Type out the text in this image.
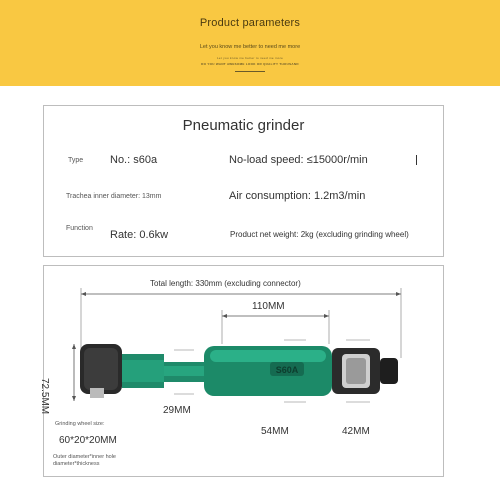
Product parameters
Let you know me better to need me more
Let you know me better to need me more
DO YOU WANT AWESOME LOOK OR QUALITY THOUSAND
Pneumatic grinder
Type No.: s60a	No-load speed: ≤15000r/min
Trachea inner diameter: 13mm	Air consumption: 1.2m3/min
Function
Rate: 0.6kw	Product net weight: 2kg (excluding grinding wheel)
S60A
Total length: 330mm (excluding connector)
110MM
72.5MM	29MM
54MM	42MM
Grinding wheel size:
60*20*20MM
Outer diameter*inner hole
diameter*thickness
